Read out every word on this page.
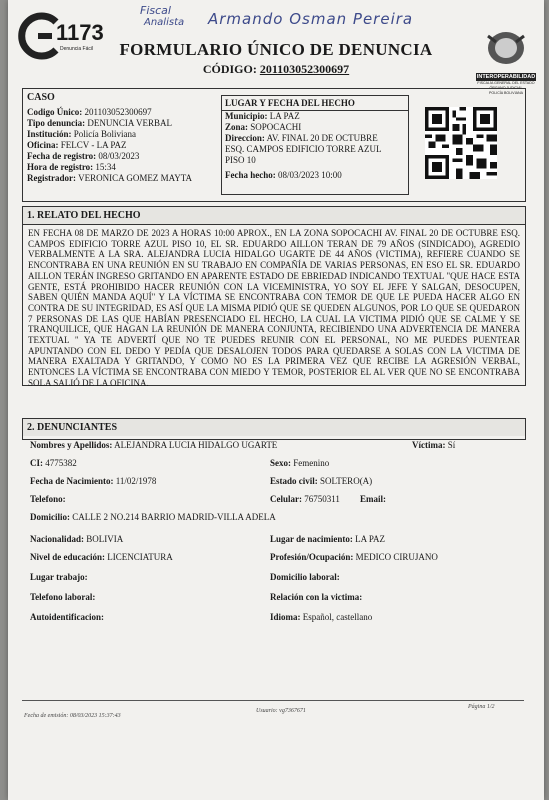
Fiscal
Analista Armando Osman Pereira
1173
Denuncia Fácil
INTEROPERABILIDAD
FISCALÍA GENERAL DEL ESTADO
ÓRGANO JUDICIAL
POLICÍA BOLIVIANA
FORMULARIO ÚNICO DE DENUNCIA
CÓDIGO: 201103052300697
CASO
Codigo Único: 201103052300697
Tipo denuncia: DENUNCIA VERBAL
Institución: Policía Boliviana
Oficina: FELCV - LA PAZ
Fecha de registro: 08/03/2023
Hora de registro: 15:34
Registrador: VERONICA GOMEZ MAYTA
LUGAR Y FECHA DEL HECHO
Municipio: LA PAZ
Zona: SOPOCACHI
Direccion: AV. FINAL 20 DE OCTUBRE
ESQ. CAMPOS EDIFICIO TORRE AZUL
PISO 10
Fecha hecho: 08/03/2023 10:00
1. RELATO DEL HECHO
EN FECHA 08 DE MARZO DE 2023 A HORAS 10:00 APROX., EN LA ZONA SOPOCACHI AV. FINAL 20 DE OCTUBRE ESQ. CAMPOS EDIFICIO TORRE AZUL PISO 10, EL SR. EDUARDO AILLON TERAN DE 79 AÑOS (SINDICADO), AGREDIO VERBALMENTE A LA SRA. ALEJANDRA LUCIA HIDALGO UGARTE DE 44 AÑOS (VICTIMA), REFIERE CUANDO SE ENCONTRABA EN UNA REUNIÓN EN SU TRABAJO EN COMPAÑÍA DE VARIAS PERSONAS, EN ESO EL SR. EDUARDO AILLON TERÁN INGRESO GRITANDO EN APARENTE ESTADO DE EBRIEDAD INDICANDO TEXTUAL "QUE HACE ESTA GENTE, ESTÁ PROHIBIDO HACER REUNIÓN CON LA VICEMINISTRA, YO SOY EL JEFE Y SALGAN, DESOCUPEN, SABEN QUIÉN MANDA AQUÍ" Y LA VÍCTIMA SE ENCONTRABA CON TEMOR DE QUE LE PUEDA HACER ALGO EN CONTRA DE SU INTEGRIDAD, ES ASÍ QUE LA MISMA PIDIÓ QUE SE QUEDEN ALGUNOS, POR LO QUE SE QUEDARON 7 PERSONAS DE LAS QUE HABÍAN PRESENCIADO EL HECHO, LA CUAL LA VICTIMA PIDIÓ QUE SE CALME Y SE TRANQUILICE, QUE HAGAN LA REUNIÓN DE MANERA CONJUNTA, RECIBIENDO UNA ADVERTENCIA DE MANERA TEXTUAL " YA TE ADVERTÍ QUE NO TE PUEDES REUNIR CON EL PERSONAL, NO ME PUEDES PUENTEAR APUNTANDO CON EL DEDO Y PEDÍA QUE DESALOJEN TODOS PARA QUEDARSE A SOLAS CON LA VICTIMA DE MANERA EXALTADA Y GRITANDO, Y COMO NO ES LA PRIMERA VEZ QUE RECIBE LA AGRESIÓN VERBAL, ENTONCES LA VÍCTIMA SE ENCONTRABA CON MIEDO Y TEMOR, POSTERIOR EL AL VER QUE NO SE ENCONTRABA SOLA SALIÓ DE LA OFICINA.
2. DENUNCIANTES
Nombres y Apellidos: ALEJANDRA LUCIA HIDALGO UGARTE	Víctima: Sí
CI: 4775382	Sexo: Femenino
Fecha de Nacimiento: 11/02/1978	Estado civil: SOLTERO(A)
Telefono:	Celular: 76750311 Email:
Domicilio: CALLE 2 NO.214 BARRIO MADRID-VILLA ADELA
Nacionalidad: BOLIVIA	Lugar de nacimiento: LA PAZ
Nivel de educación: LICENCIATURA	Profesión/Ocupación: MEDICO CIRUJANO
Lugar trabajo:	Domicilio laboral:
Telefono laboral:	Relación con la victima:
Autoidentificacion:	Idioma: Español, castellano
Fecha de emisión: 08/03/2023 15:37:43
Usuario: vg7367671
Página 1/2
